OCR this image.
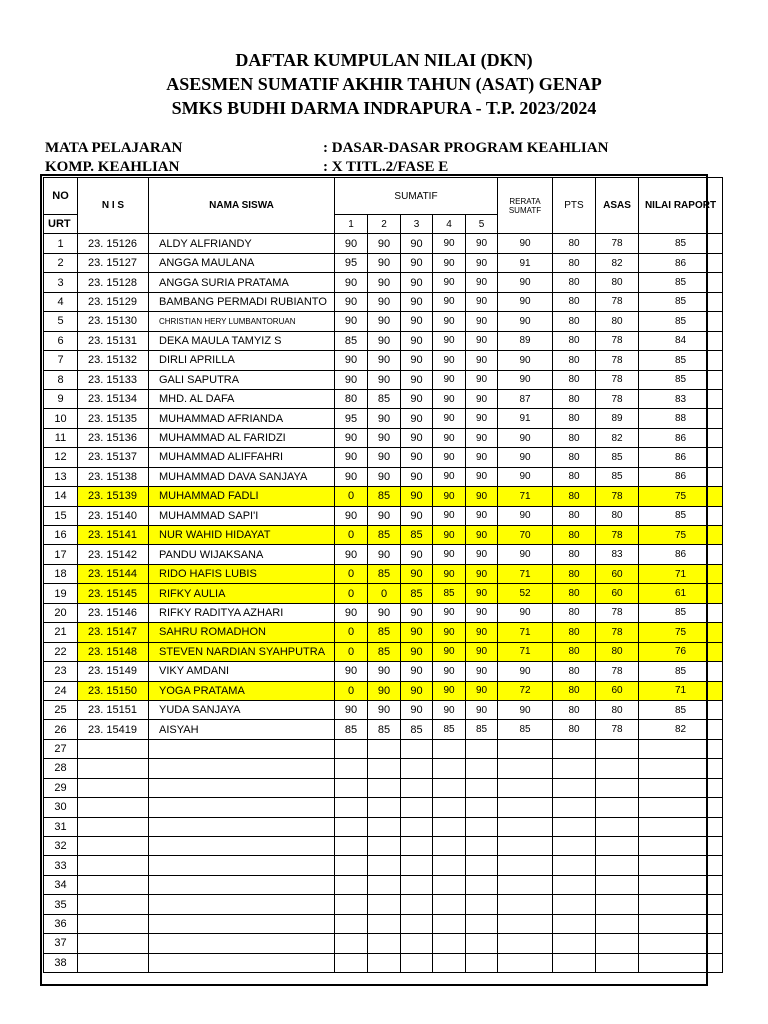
DAFTAR KUMPULAN NILAI (DKN)
ASESMEN SUMATIF AKHIR TAHUN (ASAT) GENAP
SMKS BUDHI DARMA INDRAPURA - T.P. 2023/2024
MATA PELAJARAN	: DASAR-DASAR PROGRAM KEAHLIAN
KOMP. KEAHLIAN	: X TITL.2/FASE E
NO	N I S	NAMA SISWA	SUMATIF					RERATA SUMATF	PTS	ASAS	NILAI RAPORT
URT			1	2	3	4	5				
1	23. 15126	ALDY ALFRIANDY	90	90	90	90	90	90	80	78	85
2	23. 15127	ANGGA MAULANA	95	90	90	90	90	91	80	82	86
3	23. 15128	ANGGA SURIA PRATAMA	90	90	90	90	90	90	80	80	85
4	23. 15129	BAMBANG PERMADI RUBIANTO	90	90	90	90	90	90	80	78	85
5	23. 15130	CHRISTIAN HERY LUMBANTORUAN	90	90	90	90	90	90	80	80	85
6	23. 15131	DEKA MAULA TAMYIZ S	85	90	90	90	90	89	80	78	84
7	23. 15132	DIRLI APRILLA	90	90	90	90	90	90	80	78	85
8	23. 15133	GALI SAPUTRA	90	90	90	90	90	90	80	78	85
9	23. 15134	MHD. AL DAFA	80	85	90	90	90	87	80	78	83
10	23. 15135	MUHAMMAD AFRIANDA	95	90	90	90	90	91	80	89	88
11	23. 15136	MUHAMMAD AL FARIDZI	90	90	90	90	90	90	80	82	86
12	23. 15137	MUHAMMAD ALIFFAHRI	90	90	90	90	90	90	80	85	86
13	23. 15138	MUHAMMAD DAVA SANJAYA	90	90	90	90	90	90	80	85	86
14	23. 15139	MUHAMMAD FADLI	0	85	90	90	90	71	80	78	75
15	23. 15140	MUHAMMAD SAPI'I	90	90	90	90	90	90	80	80	85
16	23. 15141	NUR WAHID HIDAYAT	0	85	85	90	90	70	80	78	75
17	23. 15142	PANDU WIJAKSANA	90	90	90	90	90	90	80	83	86
18	23. 15144	RIDO HAFIS LUBIS	0	85	90	90	90	71	80	60	71
19	23. 15145	RIFKY AULIA	0	0	85	85	90	52	80	60	61
20	23. 15146	RIFKY RADITYA AZHARI	90	90	90	90	90	90	80	78	85
21	23. 15147	SAHRU ROMADHON	0	85	90	90	90	71	80	78	75
22	23. 15148	STEVEN NARDIAN SYAHPUTRA	0	85	90	90	90	71	80	80	76
23	23. 15149	VIKY AMDANI	90	90	90	90	90	90	80	78	85
24	23. 15150	YOGA PRATAMA	0	90	90	90	90	72	80	60	71
25	23. 15151	YUDA SANJAYA	90	90	90	90	90	90	80	80	85
26	23. 15419	AISYAH	85	85	85	85	85	85	80	78	82
27											
28											
29											
30											
31											
32											
33											
34											
35											
36											
37											
38											
